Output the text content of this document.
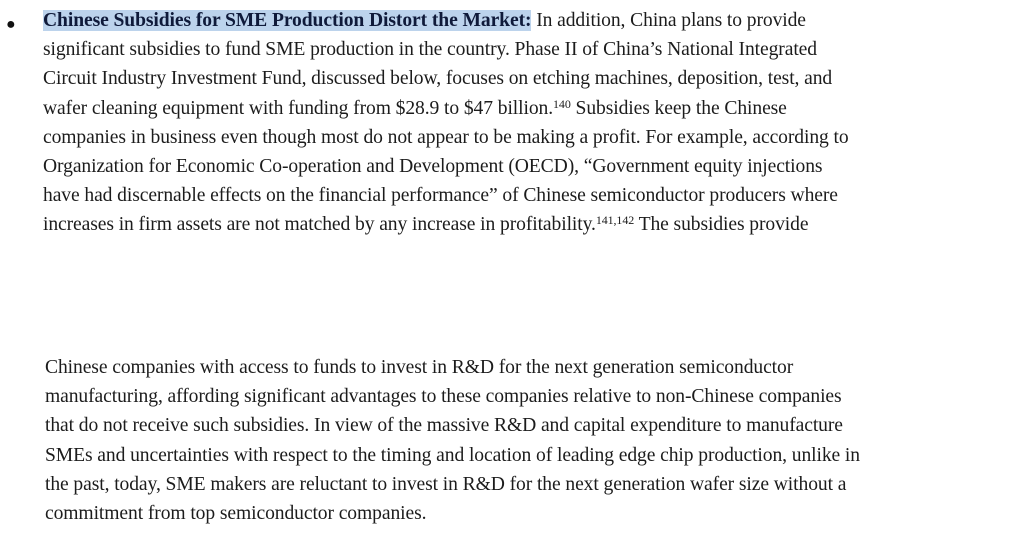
● Chinese Subsidies for SME Production Distort the Market: In addition, China plans to provide
significant subsidies to fund SME production in the country. Phase II of China’s National Integrated
Circuit Industry Investment Fund, discussed below, focuses on etching machines, deposition, test, and
wafer cleaning equipment with funding from $28.9 to $47 billion.$^{140}$ Subsidies keep the Chinese
companies in business even though most do not appear to be making a profit. For example, according to
Organization for Economic Co-operation and Development (OECD), “Government equity injections
have had discernable effects on the financial performance” of Chinese semiconductor producers where
increases in firm assets are not matched by any increase in profitability.$^{141,142}$ The subsidies provide

Chinese companies with access to funds to invest in R&D for the next generation semiconductor
manufacturing, affording significant advantages to these companies relative to non-Chinese companies
that do not receive such subsidies. In view of the massive R&D and capital expenditure to manufacture
SMEs and uncertainties with respect to the timing and location of leading edge chip production, unlike in
the past, today, SME makers are reluctant to invest in R&D for the next generation wafer size without a
commitment from top semiconductor companies.
